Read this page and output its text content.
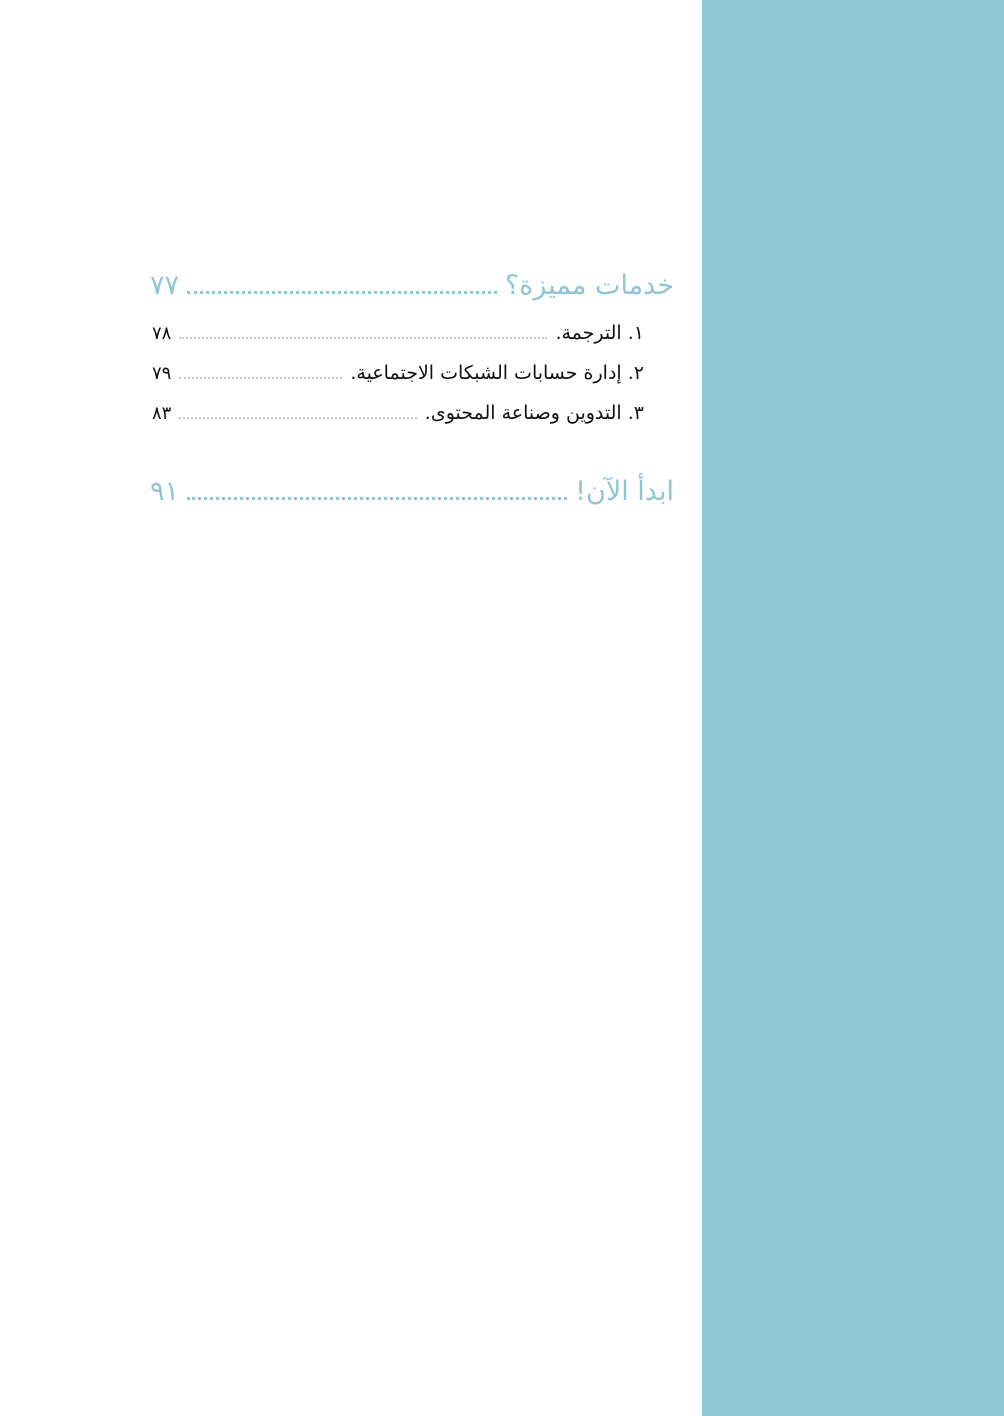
خدمات مميزة؟
٧٧
١. الترجمة.
٧٨
٢. إدارة حسابات الشبكات الاجتماعية.
٧٩
٣. التدوين وصناعة المحتوى.
٨٣
ابدأ الآن!
٩١
